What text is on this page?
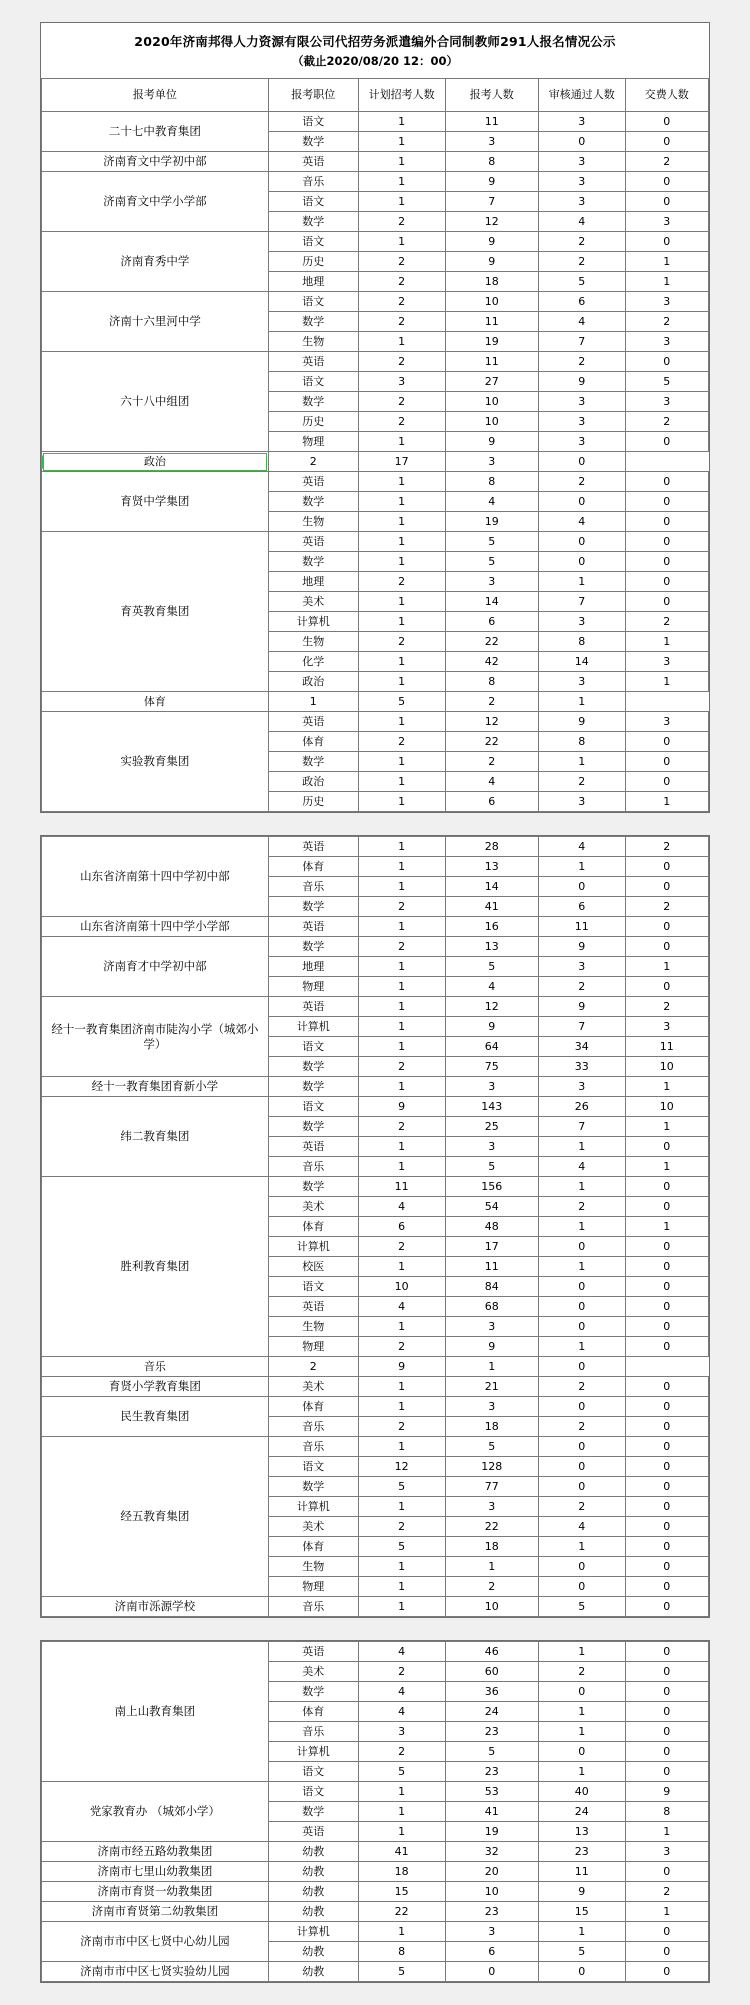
2020年济南邦得人力资源有限公司代招劳务派遣编外合同制教师291人报名情况公示
（截止2020/08/20 12：00）
报考单位	报考职位	计划招考人数	报考人数	审核通过人数	交费人数
二十七中教育集团	语文	1	11	3	0
	数学	1	3	0	0
济南育文中学初中部	英语	1	8	3	2
济南育文中学小学部	音乐	1	9	3	0
	语文	1	7	3	0
	数学	2	12	4	3
济南育秀中学	语文	1	9	2	0
	历史	2	9	2	1
	地理	2	18	5	1
济南十六里河中学	语文	2	10	6	3
	数学	2	11	4	2
	生物	1	19	7	3
六十八中组团	英语	2	11	2	0
	语文	3	27	9	5
	数学	2	10	3	3
	历史	2	10	3	2
	物理	1	9	3	0
政治	2	17	3	0	
育贤中学集团	英语	1	8	2	0
	数学	1	4	0	0
	生物	1	19	4	0
育英教育集团	英语	1	5	0	0
	数学	1	5	0	0
	地理	2	3	1	0
	美术	1	14	7	0
	计算机	1	6	3	2
	生物	2	22	8	1
	化学	1	42	14	3
	政治	1	8	3	1
体育	1	5	2	1	
实验教育集团	英语	1	12	9	3
	体育	2	22	8	0
	数学	1	2	1	0
	政治	1	4	2	0
	历史	1	6	3	1
山东省济南第十四中学初中部	英语	1	28	4	2
	体育	1	13	1	0
	音乐	1	14	0	0
	数学	2	41	6	2
山东省济南第十四中学小学部	英语	1	16	11	0
济南育才中学初中部	数学	2	13	9	0
	地理	1	5	3	1
	物理	1	4	2	0
经十一教育集团济南市陡沟小学（城郊小学）	英语	1	12	9	2
	计算机	1	9	7	3
	语文	1	64	34	11
	数学	2	75	33	10
经十一教育集团育新小学	数学	1	3	3	1
纬二教育集团	语文	9	143	26	10
	数学	2	25	7	1
	英语	1	3	1	0
	音乐	1	5	4	1
胜利教育集团	数学	11	156	1	0
	美术	4	54	2	0
	体育	6	48	1	1
	计算机	2	17	0	0
	校医	1	11	1	0
	语文	10	84	0	0
	英语	4	68	0	0
	生物	1	3	0	0
	物理	2	9	1	0
音乐	2	9	1	0	
育贤小学教育集团	美术	1	21	2	0
民生教育集团	体育	1	3	0	0
	音乐	2	18	2	0
经五教育集团	音乐	1	5	0	0
	语文	12	128	0	0
	数学	5	77	0	0
	计算机	1	3	2	0
	美术	2	22	4	0
	体育	5	18	1	0
	生物	1	1	0	0
	物理	1	2	0	0
济南市泺源学校	音乐	1	10	5	0
南上山教育集团	英语	4	46	1	0
	美术	2	60	2	0
	数学	4	36	0	0
	体育	4	24	1	0
	音乐	3	23	1	0
	计算机	2	5	0	0
	语文	5	23	1	0
党家教育办 （城郊小学）	语文	1	53	40	9
	数学	1	41	24	8
	英语	1	19	13	1
济南市经五路幼教集团	幼教	41	32	23	3
济南市七里山幼教集团	幼教	18	20	11	0
济南市育贤一幼教集团	幼教	15	10	9	2
济南市育贤第二幼教集团	幼教	22	23	15	1
济南市市中区七贤中心幼儿园	计算机	1	3	1	0
	幼教	8	6	5	0
济南市市中区七贤实验幼儿园	幼教	5	0	0	0
